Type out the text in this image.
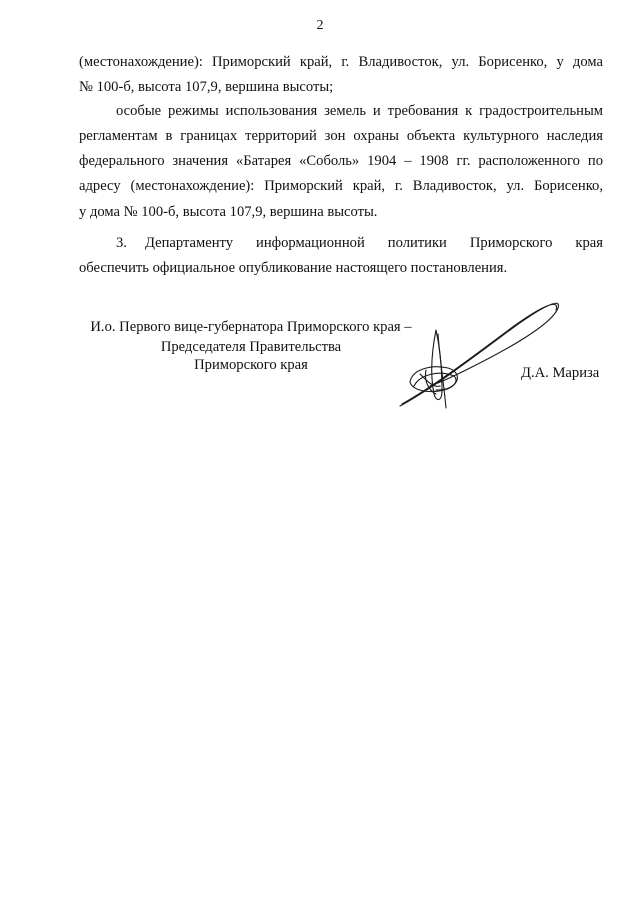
2
(местонахождение): Приморский край, г. Владивосток, ул. Борисенко, у дома
№ 100-б, высота 107,9, вершина высоты;
особые режимы использования земель и требования к градостроительным
регламентам в границах территорий зон охраны объекта культурного наследия
федерального значения «Батарея «Соболь» 1904 – 1908 гг. расположенного по
адресу (местонахождение): Приморский край, г. Владивосток, ул. Борисенко,
у дома № 100-б, высота 107,9, вершина высоты.
3.	Департаменту информационной политики Приморского края
обеспечить официальное опубликование настоящего постановления.
И.о. Первого вице-губернатора Приморского края –
Председателя Правительства
Приморского края	Д.А. Мариза
